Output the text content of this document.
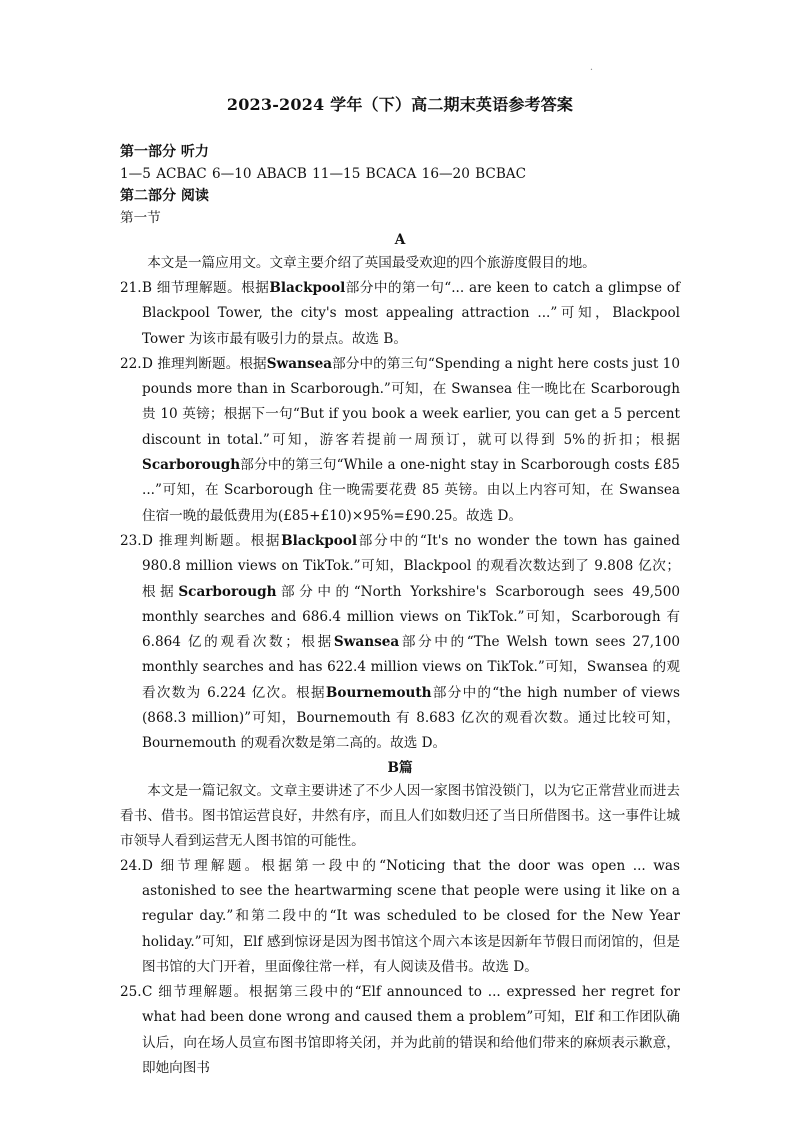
.
2023-2024 学年（下）高二期末英语参考答案

第一部分 听力

1—5 ACBAC 6—10 ABACB 11—15 BCACA 16—20 BCBAC

第二部分 阅读

第一节

A

本文是一篇应用文。文章主要介绍了英国最受欢迎的四个旅游度假目的地。

21. B 细节理解题。根据Blackpool部分中的第一句“... are keen to catch a glimpse of Blackpool Tower, the city's most appealing attraction ...”可知，Blackpool Tower 为该市最有吸引力的景点。故选 B。
22. D 推理判断题。根据Swansea部分中的第三句“Spending a night here costs just 10 pounds more than in Scarborough.”可知，在 Swansea 住一晚比在 Scarborough 贵 10 英镑；根据下一句“But if you book a week earlier, you can get a 5 percent discount in total.”可知，游客若提前一周预订，就可以得到 5%的折扣；根据Scarborough部分中的第三句“While a one-night stay in Scarborough costs £85 ...”可知，在 Scarborough 住一晚需要花费 85 英镑。由以上内容可知，在 Swansea 住宿一晚的最低费用为(£85+£10)×95%=£90.25。故选 D。
23. D 推理判断题。根据Blackpool部分中的“It's no wonder the town has gained 980.8 million views on TikTok.”可知，Blackpool 的观看次数达到了 9.808 亿次；根据Scarborough部分中的“North Yorkshire's Scarborough sees 49,500 monthly searches and 686.4 million views on TikTok.”可知，Scarborough 有 6.864 亿的观看次数；根据Swansea部分中的“The Welsh town sees 27,100 monthly searches and has 622.4 million views on TikTok.”可知，Swansea 的观看次数为 6.224 亿次。根据Bournemouth部分中的“the high number of views (868.3 million)”可知，Bournemouth 有 8.683 亿次的观看次数。通过比较可知，Bournemouth 的观看次数是第二高的。故选 D。

B篇

本文是一篇记叙文。文章主要讲述了不少人因一家图书馆没锁门，以为它正常营业而进去看书、借书。图书馆运营良好，井然有序，而且人们如数归还了当日所借图书。这一事件让城市领导人看到运营无人图书馆的可能性。

24. D 细节理解题。根据第一段中的“Noticing that the door was open ... was astonished to see the heartwarming scene that people were using it like on a regular day.”和第二段中的“It was scheduled to be closed for the New Year holiday.”可知，Elf 感到惊讶是因为图书馆这个周六本该是因新年节假日而闭馆的，但是图书馆的大门开着，里面像往常一样，有人阅读及借书。故选 D。
25. C 细节理解题。根据第三段中的“Elf announced to ... expressed her regret for what had been done wrong and caused them a problem”可知，Elf 和工作团队确认后，向在场人员宣布图书馆即将关闭，并为此前的错误和给他们带来的麻烦表示歉意，即她向图书
